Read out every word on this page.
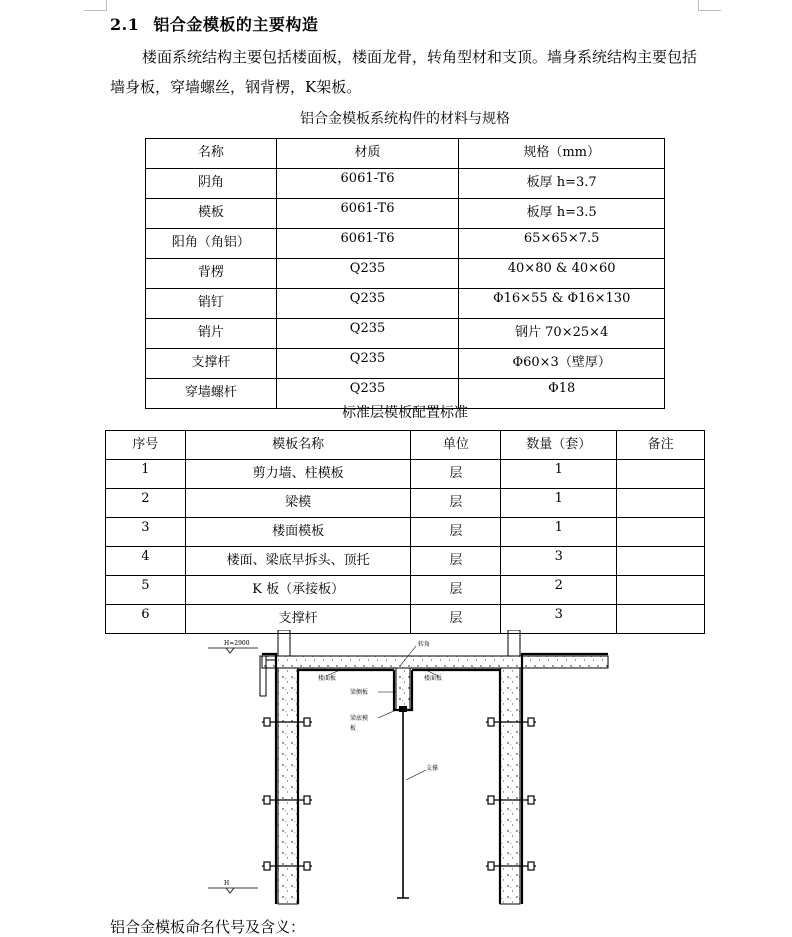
2.1 铝合金模板的主要构造
楼面系统结构主要包括楼面板，楼面龙骨，转角型材和支顶。墙身系统结构主要包括墙身板，穿墙螺丝，钢背楞，K架板。
铝合金模板系统构件的材料与规格
名称	材质	规格（mm）
阴角	6061-T6	板厚 h=3.7
模板	6061-T6	板厚 h=3.5
阳角（角铝）	6061-T6	65×65×7.5
背楞	Q235	40×80 & 40×60
销钉	Q235	Φ16×55 & Φ16×130
销片	Q235	钢片 70×25×4
支撑杆	Q235	Φ60×3（壁厚）
穿墙螺杆	Q235	Φ18
标准层模板配置标准
序号	模板名称	单位	数量（套）	备注
1	剪力墙、柱模板	层	1	
2	梁模	层	1	
3	楼面模板	层	1	
4	楼面、梁底早拆头、顶托	层	3	
5	K 板（承接板）	层	2	
6	支撑杆	层	3	
H=2900
H
转角
楼面板	楼面板
梁侧板
梁底模
板
支撑
铝合金模板命名代号及含义：
